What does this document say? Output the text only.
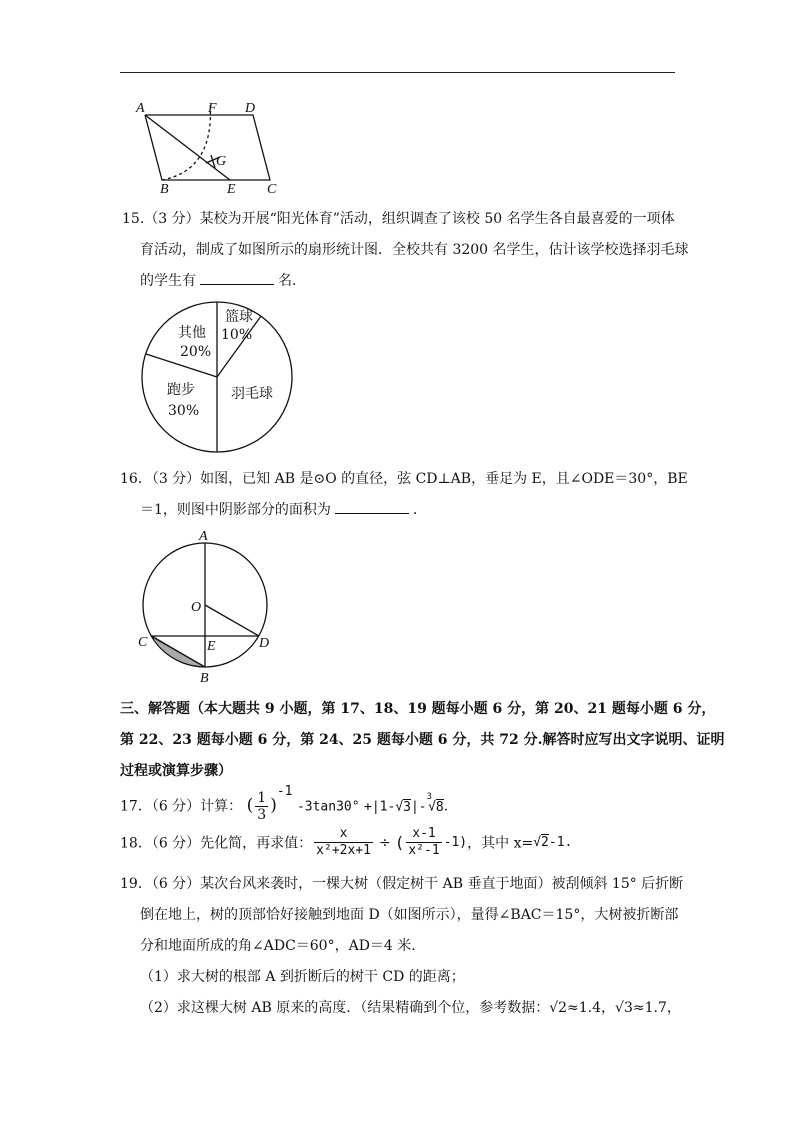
A	F D
G
B	E C
15.（3 分）某校为开展“阳光体育”活动，组织调查了该校 50 名学生各自最喜爱的一项体
育活动，制成了如图所示的扇形统计图．全校共有 3200 名学生，估计该学校选择羽毛球
的学生有	名．
篮球
10%
其他
20%
跑步
30%
羽毛球
16．（3 分）如图，已知 AB 是⊙O 的直径，弦 CD⊥AB，垂足为 E，且∠ODE＝30°，BE
＝1，则图中阴影部分的面积为	．
A
O
C	E	D
B
三、解答题（本大题共 9 小题，第 17、18、19 题每小题 6 分，第 20、21 题每小题 6 分，
第 22、23 题每小题 6 分，第 24、25 题每小题 6 分，共 72 分.解答时应写出文字说明、证明
过程或演算步骤）
17．（6 分）计算： ( $\frac{1}{3} )^{-1}$ -3tan30° +|1-√3|-$^3$√8.
18．（6 分）先化简，再求值： $\frac{x}{\text{x²+2x+1}}$ ÷ ( $\frac{x-1}{\text{x²-1}} -1$)，其中 x=√2-1.
19．（6 分）某次台风来袭时，一棵大树（假定树干 AB 垂直于地面）被刮倾斜 15° 后折断
倒在地上，树的顶部恰好接触到地面 D（如图所示），量得∠BAC＝15°，大树被折断部
分和地面所成的角∠ADC＝60°，AD＝4 米．
（1）求大树的根部 A 到折断后的树干 CD 的距离；
（2）求这棵大树 AB 原来的高度．（结果精确到个位，参考数据：√2≈1.4，√3≈1.7，
